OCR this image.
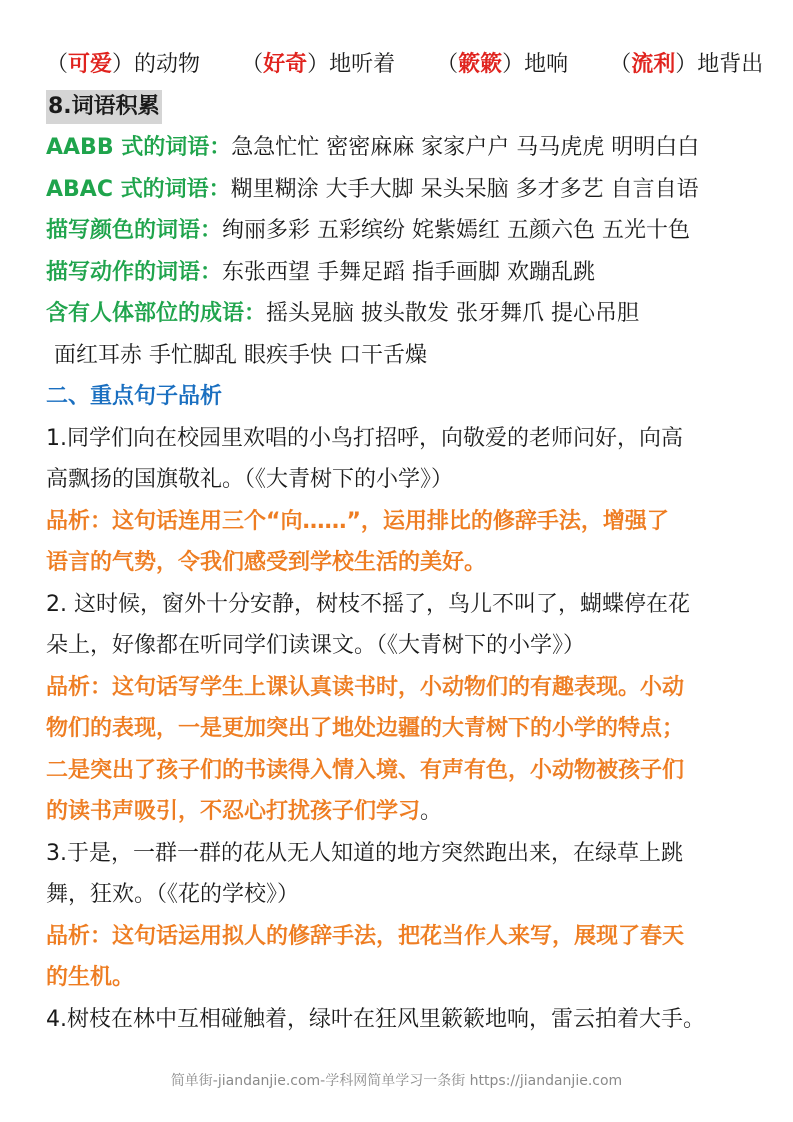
（可爱）的动物 （好奇）地听着 （簌簌）地响 （流利）地背出
8.词语积累
AABB 式的词语：急急忙忙 密密麻麻 家家户户 马马虎虎 明明白白
ABAC 式的词语：糊里糊涂 大手大脚 呆头呆脑 多才多艺 自言自语
描写颜色的词语：绚丽多彩 五彩缤纷 姹紫嫣红 五颜六色 五光十色
描写动作的词语：东张西望 手舞足蹈 指手画脚 欢蹦乱跳
含有人体部位的成语：摇头晃脑 披头散发 张牙舞爪 提心吊胆
面红耳赤 手忙脚乱 眼疾手快 口干舌燥
二、重点句子品析
1.同学们向在校园里欢唱的小鸟打招呼，向敬爱的老师问好，向高
高飘扬的国旗敬礼。（《大青树下的小学》）
品析：这句话连用三个“向……”，运用排比的修辞手法，增强了
语言的气势，令我们感受到学校生活的美好。
2. 这时候，窗外十分安静，树枝不摇了，鸟儿不叫了，蝴蝶停在花
朵上，好像都在听同学们读课文。（《大青树下的小学》）
品析：这句话写学生上课认真读书时，小动物们的有趣表现。小动
物们的表现，一是更加突出了地处边疆的大青树下的小学的特点；
二是突出了孩子们的书读得入情入境、有声有色，小动物被孩子们
的读书声吸引，不忍心打扰孩子们学习。
3.于是，一群一群的花从无人知道的地方突然跑出来，在绿草上跳
舞，狂欢。（《花的学校》）
品析：这句话运用拟人的修辞手法，把花当作人来写，展现了春天
的生机。
4.树枝在林中互相碰触着，绿叶在狂风里簌簌地响，雷云拍着大手。
简单街-jiandanjie.com-学科网简单学习一条街 https://jiandanjie.com
